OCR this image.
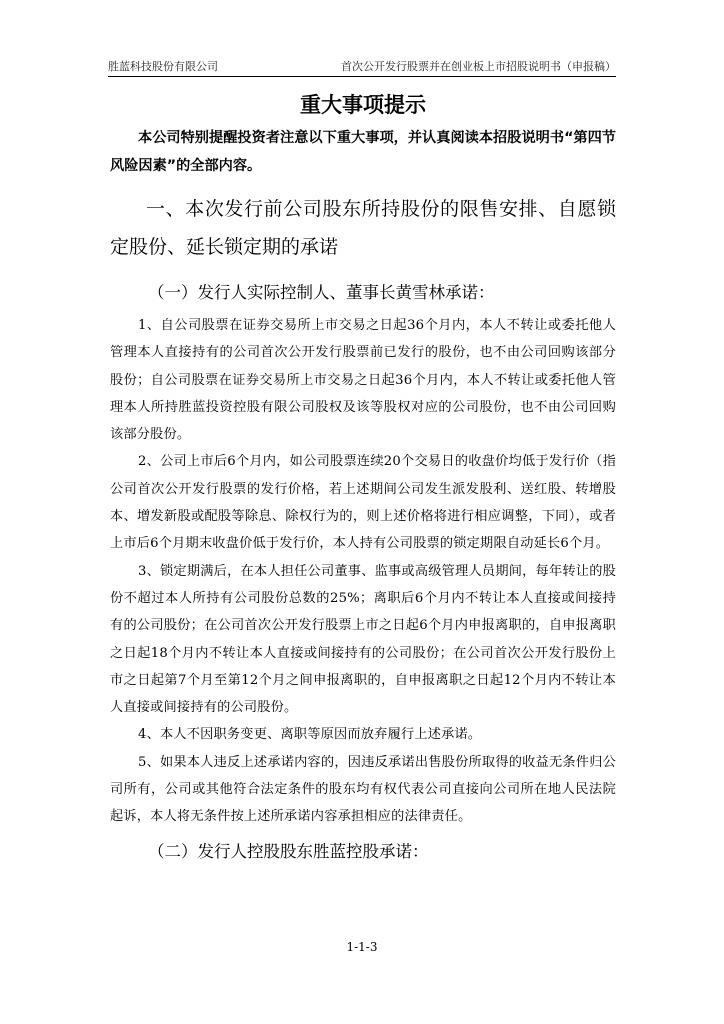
胜蓝科技股份有限公司	首次公开发行股票并在创业板上市招股说明书（申报稿）
重大事项提示

本公司特别提醒投资者注意以下重大事项，并认真阅读本招股说明书“第四节 风险因素”的全部内容。

一、本次发行前公司股东所持股份的限售安排、自愿锁定股份、延长锁定期的承诺

（一）发行人实际控制人、董事长黄雪林承诺：

1、自公司股票在证券交易所上市交易之日起36个月内，本人不转让或委托他人管理本人直接持有的公司首次公开发行股票前已发行的股份，也不由公司回购该部分股份；自公司股票在证券交易所上市交易之日起36个月内，本人不转让或委托他人管理本人所持胜蓝投资控股有限公司股权及该等股权对应的公司股份，也不由公司回购该部分股份。

2、公司上市后6个月内，如公司股票连续20个交易日的收盘价均低于发行价（指公司首次公开发行股票的发行价格，若上述期间公司发生派发股利、送红股、转增股本、增发新股或配股等除息、除权行为的，则上述价格将进行相应调整，下同），或者上市后6个月期末收盘价低于发行价，本人持有公司股票的锁定期限自动延长6个月。

3、锁定期满后，在本人担任公司董事、监事或高级管理人员期间，每年转让的股份不超过本人所持有公司股份总数的25%；离职后6个月内不转让本人直接或间接持有的公司股份；在公司首次公开发行股票上市之日起6个月内申报离职的，自申报离职之日起18个月内不转让本人直接或间接持有的公司股份；在公司首次公开发行股份上市之日起第7个月至第12个月之间申报离职的，自申报离职之日起12个月内不转让本人直接或间接持有的公司股份。

4、本人不因职务变更、离职等原因而放弃履行上述承诺。

5、如果本人违反上述承诺内容的，因违反承诺出售股份所取得的收益无条件归公司所有，公司或其他符合法定条件的股东均有权代表公司直接向公司所在地人民法院起诉，本人将无条件按上述所承诺内容承担相应的法律责任。

（二）发行人控股股东胜蓝控股承诺：

1-1-3
